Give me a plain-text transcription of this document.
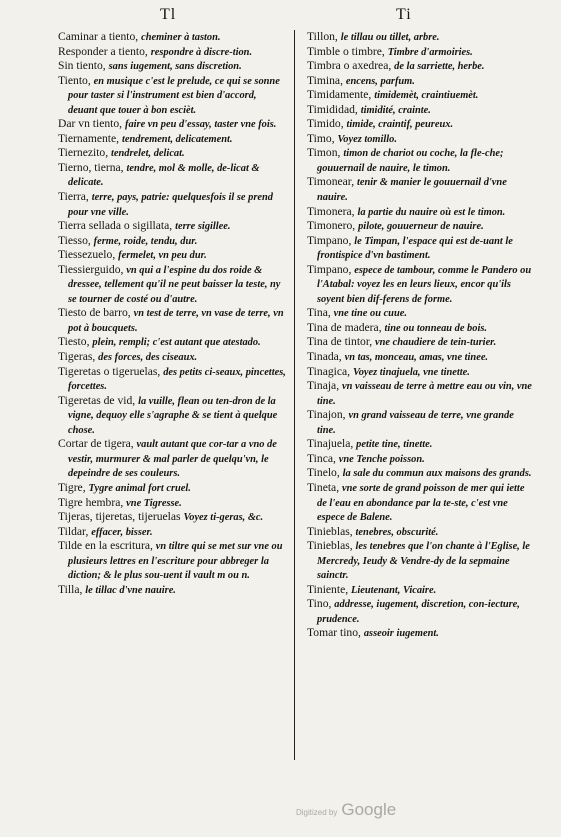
Tl	Ti

Caminar a tiento, cheminer à taston.

Responder a tiento, respondre à discre-tion.

Sin tiento, sans iugement, sans discretion.

Tiento, en musique c'est le prelude, ce qui se sonne pour taster si l'instrument est bien d'accord, deuant que touer à bon escièt.

Dar vn tiento, faire vn peu d'essay, taster vne fois.

Tiernamente, tendrement, delicatement.

Tiernezito, tendrelet, delicat.

Tierno, tierna, tendre, mol & molle, de-licat & delicate.

Tierra, terre, pays, patrie: quelquesfois il se prend pour vne ville.

Tierra sellada o sigillata, terre sigillee.

Tiesso, ferme, roide, tendu, dur.

Tiessezuelo, fermelet, vn peu dur.

Tiessierguido, vn qui a l'espine du dos roide & dressee, tellement qu'il ne peut baisser la teste, ny se tourner de costé ou d'autre.

Tiesto de barro, vn test de terre, vn vase de terre, vn pot à boucquets.

Tiesto, plein, rempli; c'est autant que atestado.

Tigeras, des forces, des ciseaux.

Tigeretas o tigeruelas, des petits ci-seaux, pincettes, forcettes.

Tigeretas de vid, la vuille, flean ou ten-dron de la vigne, dequoy elle s'agraphe & se tient à quelque chose.

Cortar de tigera, vault autant que cor-tar a vno de vestir, murmurer & mal parler de quelqu'vn, le depeindre de ses couleurs.

Tigre, Tygre animal fort cruel.

Tigre hembra, vne Tigresse.

Tijeras, tijeretas, tijeruelas Voyez ti-geras, &c.

Tildar, effacer, bisser.

Tilde en la escritura, vn tiltre qui se met sur vne ou plusieurs lettres en l'escriture pour abbreger la diction; & le plus sou-uent il vault m ou n.

Tilla, le tillac d'vne nauire.

Tillon, le tillau ou tillet, arbre.

Timble o timbre, Timbre d'armoiries.

Timbra o axedrea, de la sarriette, herbe.

Timina, encens, parfum.

Timidamente, timidemèt, craintiuemèt.

Timididad, timidité, crainte.

Timido, timide, craintif, peureux.

Timo, Voyez tomillo.

Timon, timon de chariot ou coche, la fle-che; gouuernail de nauire, le timon.

Timonear, tenir & manier le gouuernail d'vne nauire.

Timonera, la partie du nauire où est le timon.

Timonero, pilote, gouuerneur de nauire.

Timpano, le Timpan, l'espace qui est de-uant le frontispice d'vn bastiment.

Timpano, espece de tambour, comme le Pandero ou l'Atabal: voyez les en leurs lieux, encor qu'ils soyent bien dif-ferens de forme.

Tina, vne tine ou cuue.

Tina de madera, tine ou tonneau de bois.

Tina de tintor, vne chaudiere de tein-turier.

Tinada, vn tas, monceau, amas, vne tinee.

Tinagica, Voyez tinajuela, vne tinette.

Tinaja, vn vaisseau de terre à mettre eau ou vin, vne tine.

Tinajon, vn grand vaisseau de terre, vne grande tine.

Tinajuela, petite tine, tinette.

Tinca, vne Tenche poisson.

Tinelo, la sale du commun aux maisons des grands.

Tineta, vne sorte de grand poisson de mer qui iette de l'eau en abondance par la te-ste, c'est vne espece de Balene.

Tinieblas, tenebres, obscurité.

Tinieblas, les tenebres que l'on chante à l'Eglise, le Mercredy, Ieudy & Vendre-dy de la sepmaine sainctr.

Tiniente, Lieutenant, Vicaire.

Tino, addresse, iugement, discretion, con-iecture, prudence.

Tomar tino, asseoir iugement.

Digitized by Google
